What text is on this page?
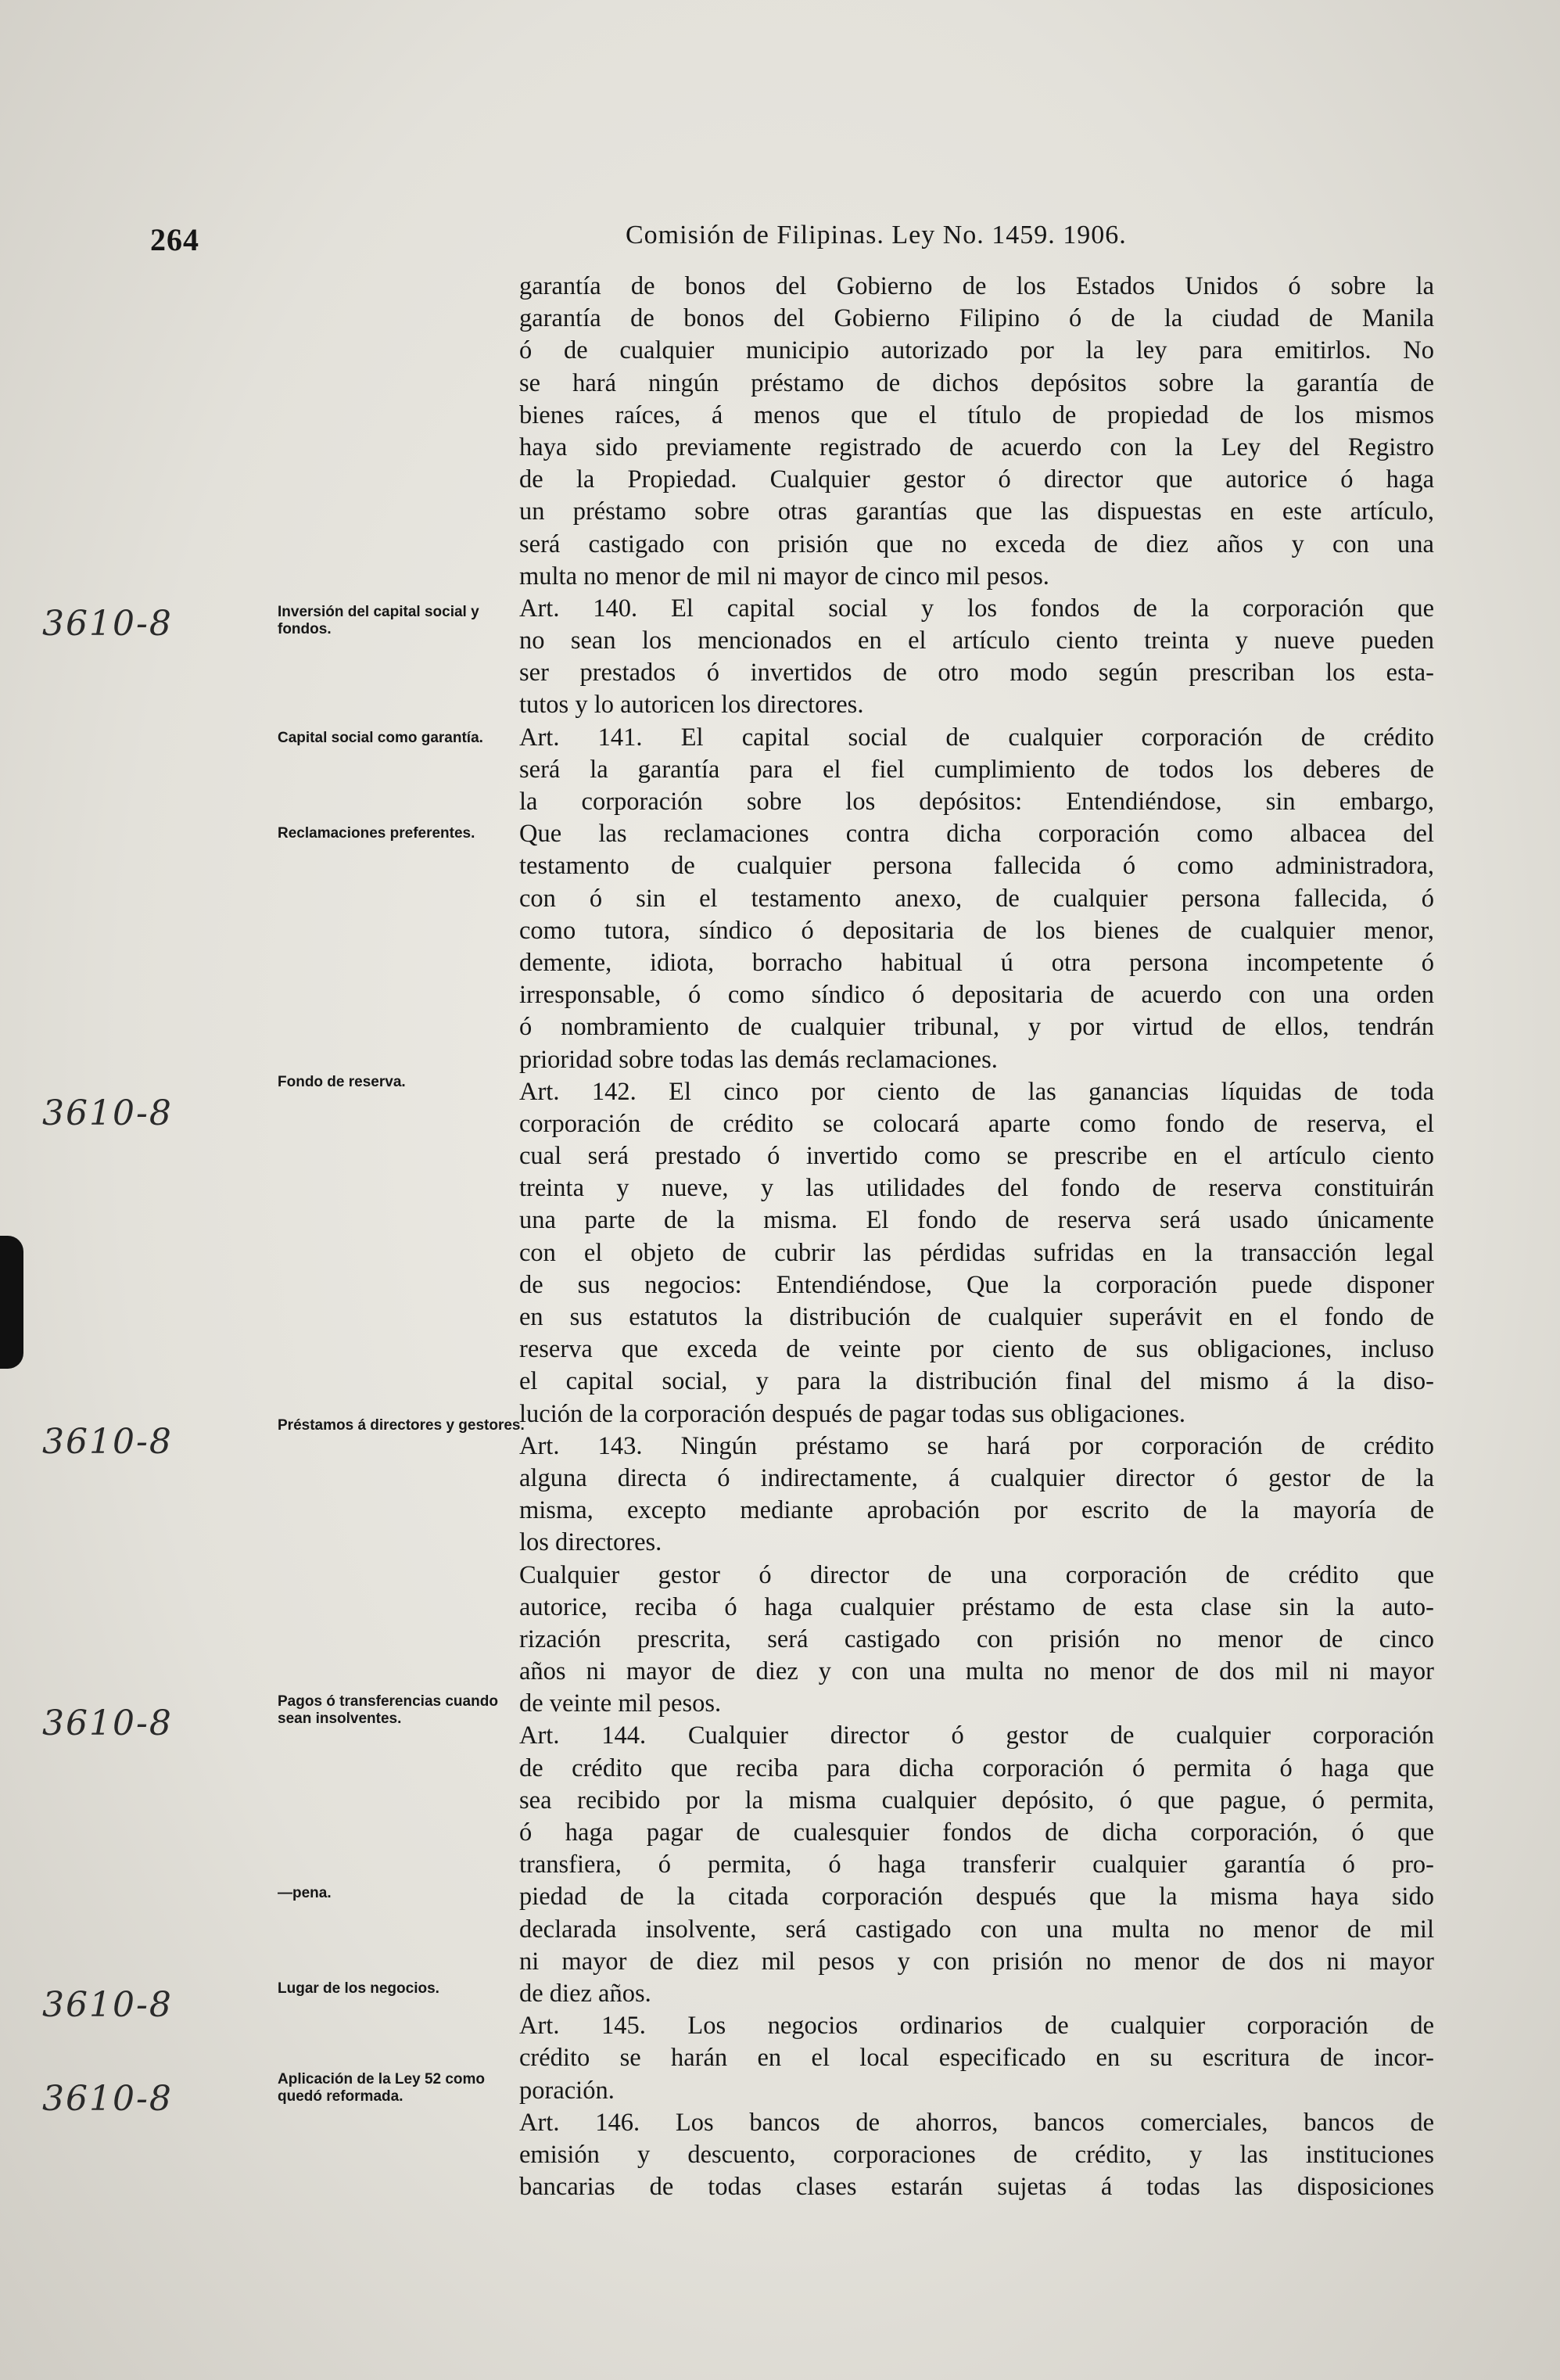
264	Comisión de Filipinas. Ley No. 1459. 1906.
garantía de bonos del Gobierno de los Estados Unidos ó sobre la
garantía de bonos del Gobierno Filipino ó de la ciudad de Manila
ó de cualquier municipio autorizado por la ley para emitirlos. No
se hará ningún préstamo de dichos depósitos sobre la garantía de
bienes raíces, á menos que el título de propiedad de los mismos
haya sido previamente registrado de acuerdo con la Ley del Registro
de la Propiedad. Cualquier gestor ó director que autorice ó haga
un préstamo sobre otras garantías que las dispuestas en este artículo,
será castigado con prisión que no exceda de diez años y con una
multa no menor de mil ni mayor de cinco mil pesos.
Art. 140. El capital social y los fondos de la corporación que
no sean los mencionados en el artículo ciento treinta y nueve pueden
ser prestados ó invertidos de otro modo según prescriban los esta-
tutos y lo autoricen los directores.
Art. 141. El capital social de cualquier corporación de crédito
será la garantía para el fiel cumplimiento de todos los deberes de
la corporación sobre los depósitos: Entendiéndose, sin embargo,
Que las reclamaciones contra dicha corporación como albacea del
testamento de cualquier persona fallecida ó como administradora,
con ó sin el testamento anexo, de cualquier persona fallecida, ó
como tutora, síndico ó depositaria de los bienes de cualquier menor,
demente, idiota, borracho habitual ú otra persona incompetente ó
irresponsable, ó como síndico ó depositaria de acuerdo con una orden
ó nombramiento de cualquier tribunal, y por virtud de ellos, tendrán
prioridad sobre todas las demás reclamaciones.
Art. 142. El cinco por ciento de las ganancias líquidas de toda
corporación de crédito se colocará aparte como fondo de reserva, el
cual será prestado ó invertido como se prescribe en el artículo ciento
treinta y nueve, y las utilidades del fondo de reserva constituirán
una parte de la misma. El fondo de reserva será usado únicamente
con el objeto de cubrir las pérdidas sufridas en la transacción legal
de sus negocios: Entendiéndose, Que la corporación puede disponer
en sus estatutos la distribución de cualquier superávit en el fondo de
reserva que exceda de veinte por ciento de sus obligaciones, incluso
el capital social, y para la distribución final del mismo á la diso-
lución de la corporación después de pagar todas sus obligaciones.
Art. 143. Ningún préstamo se hará por corporación de crédito
alguna directa ó indirectamente, á cualquier director ó gestor de la
misma, excepto mediante aprobación por escrito de la mayoría de
los directores.
Cualquier gestor ó director de una corporación de crédito que
autorice, reciba ó haga cualquier préstamo de esta clase sin la auto-
rización prescrita, será castigado con prisión no menor de cinco
años ni mayor de diez y con una multa no menor de dos mil ni mayor
de veinte mil pesos.
Art. 144. Cualquier director ó gestor de cualquier corporación
de crédito que reciba para dicha corporación ó permita ó haga que
sea recibido por la misma cualquier depósito, ó que pague, ó permita,
ó haga pagar de cualesquier fondos de dicha corporación, ó que
transfiera, ó permita, ó haga transferir cualquier garantía ó pro-
piedad de la citada corporación después que la misma haya sido
declarada insolvente, será castigado con una multa no menor de mil
ni mayor de diez mil pesos y con prisión no menor de dos ni mayor
de diez años.
Art. 145. Los negocios ordinarios de cualquier corporación de
crédito se harán en el local especificado en su escritura de incor-
poración.
Art. 146. Los bancos de ahorros, bancos comerciales, bancos de
emisión y descuento, corporaciones de crédito, y las instituciones
bancarias de todas clases estarán sujetas á todas las disposiciones
Inversión del capital social y fondos.
Capital social como garantía.
Reclamaciones preferentes.
Fondo de reserva.
Préstamos á directores y gestores.
Pagos ó transferencias cuando sean insolventes.
—pena.
Lugar de los negocios.
Aplicación de la Ley 52 como quedó reformada.
3610-8
3610-8
3610-8
3610-8
3610-8
3610-8
